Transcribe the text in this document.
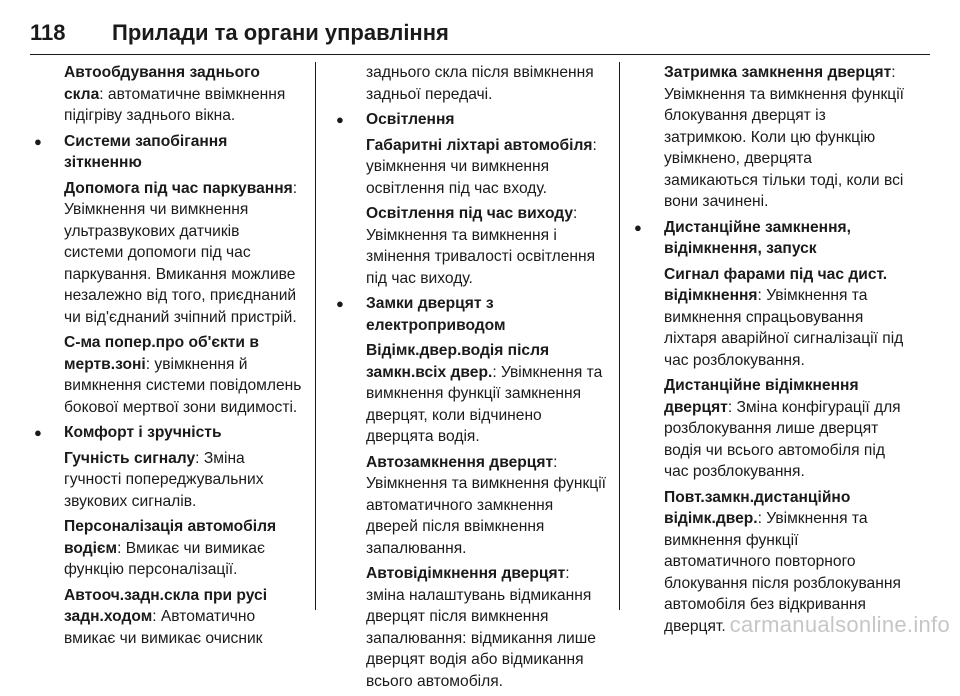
118	Прилади та органи управління

Автообдування заднього скла: автоматичне ввімкнення підігріву заднього вікна.

● Системи запобігання зіткненню

Допомога під час паркування: Увімкнення чи вимкнення ультразвукових датчиків системи допомоги під час паркування. Вмикання можливе незалежно від того, приєднаний чи від'єднаний зчіпний пристрій.

С-ма попер.про об'єкти в мертв.зоні: увімкнення й вимкнення системи повідомлень бокової мертвої зони видимості.

● Комфорт і зручність

Гучність сигналу: Зміна гучності попереджувальних звукових сигналів.

Персоналізація автомобіля водієм: Вмикає чи вимикає функцію персоналізації.

Автооч.задн.скла при русі задн.ходом: Автоматично вмикає чи вимикає очисник

заднього скла після ввімкнення задньої передачі.

● Освітлення

Габаритні ліхтарі автомобіля: увімкнення чи вимкнення освітлення під час входу.

Освітлення під час виходу: Увімкнення та вимкнення і змінення тривалості освітлення під час виходу.

● Замки дверцят з електроприводом

Відімк.двер.водія після замкн.всіх двер.: Увімкнення та вимкнення функції замкнення дверцят, коли відчинено дверцята водія.

Автозамкнення дверцят: Увімкнення та вимкнення функції автоматичного замкнення дверей після ввімкнення запалювання.

Автовідімкнення дверцят: зміна налаштувань відмикання дверцят після вимкнення запалювання: відмикання лише дверцят водія або відмикання всього автомобіля.

Затримка замкнення дверцят: Увімкнення та вимкнення функції блокування дверцят із затримкою. Коли цю функцію увімкнено, дверцята замикаються тільки тоді, коли всі вони зачинені.

● Дистанційне замкнення, відімкнення, запуск

Сигнал фарами під час дист. відімкнення: Увімкнення та вимкнення спрацьовування ліхтаря аварійної сигналізації під час розблокування.

Дистанційне відімкнення дверцят: Зміна конфігурації для розблокування лише дверцят водія чи всього автомобіля під час розблокування.

Повт.замкн.дистанційно відімк.двер.: Увімкнення та вимкнення функції автоматичного повторного блокування після розблокування автомобіля без відкривання дверцят. carmanualsonline.info
